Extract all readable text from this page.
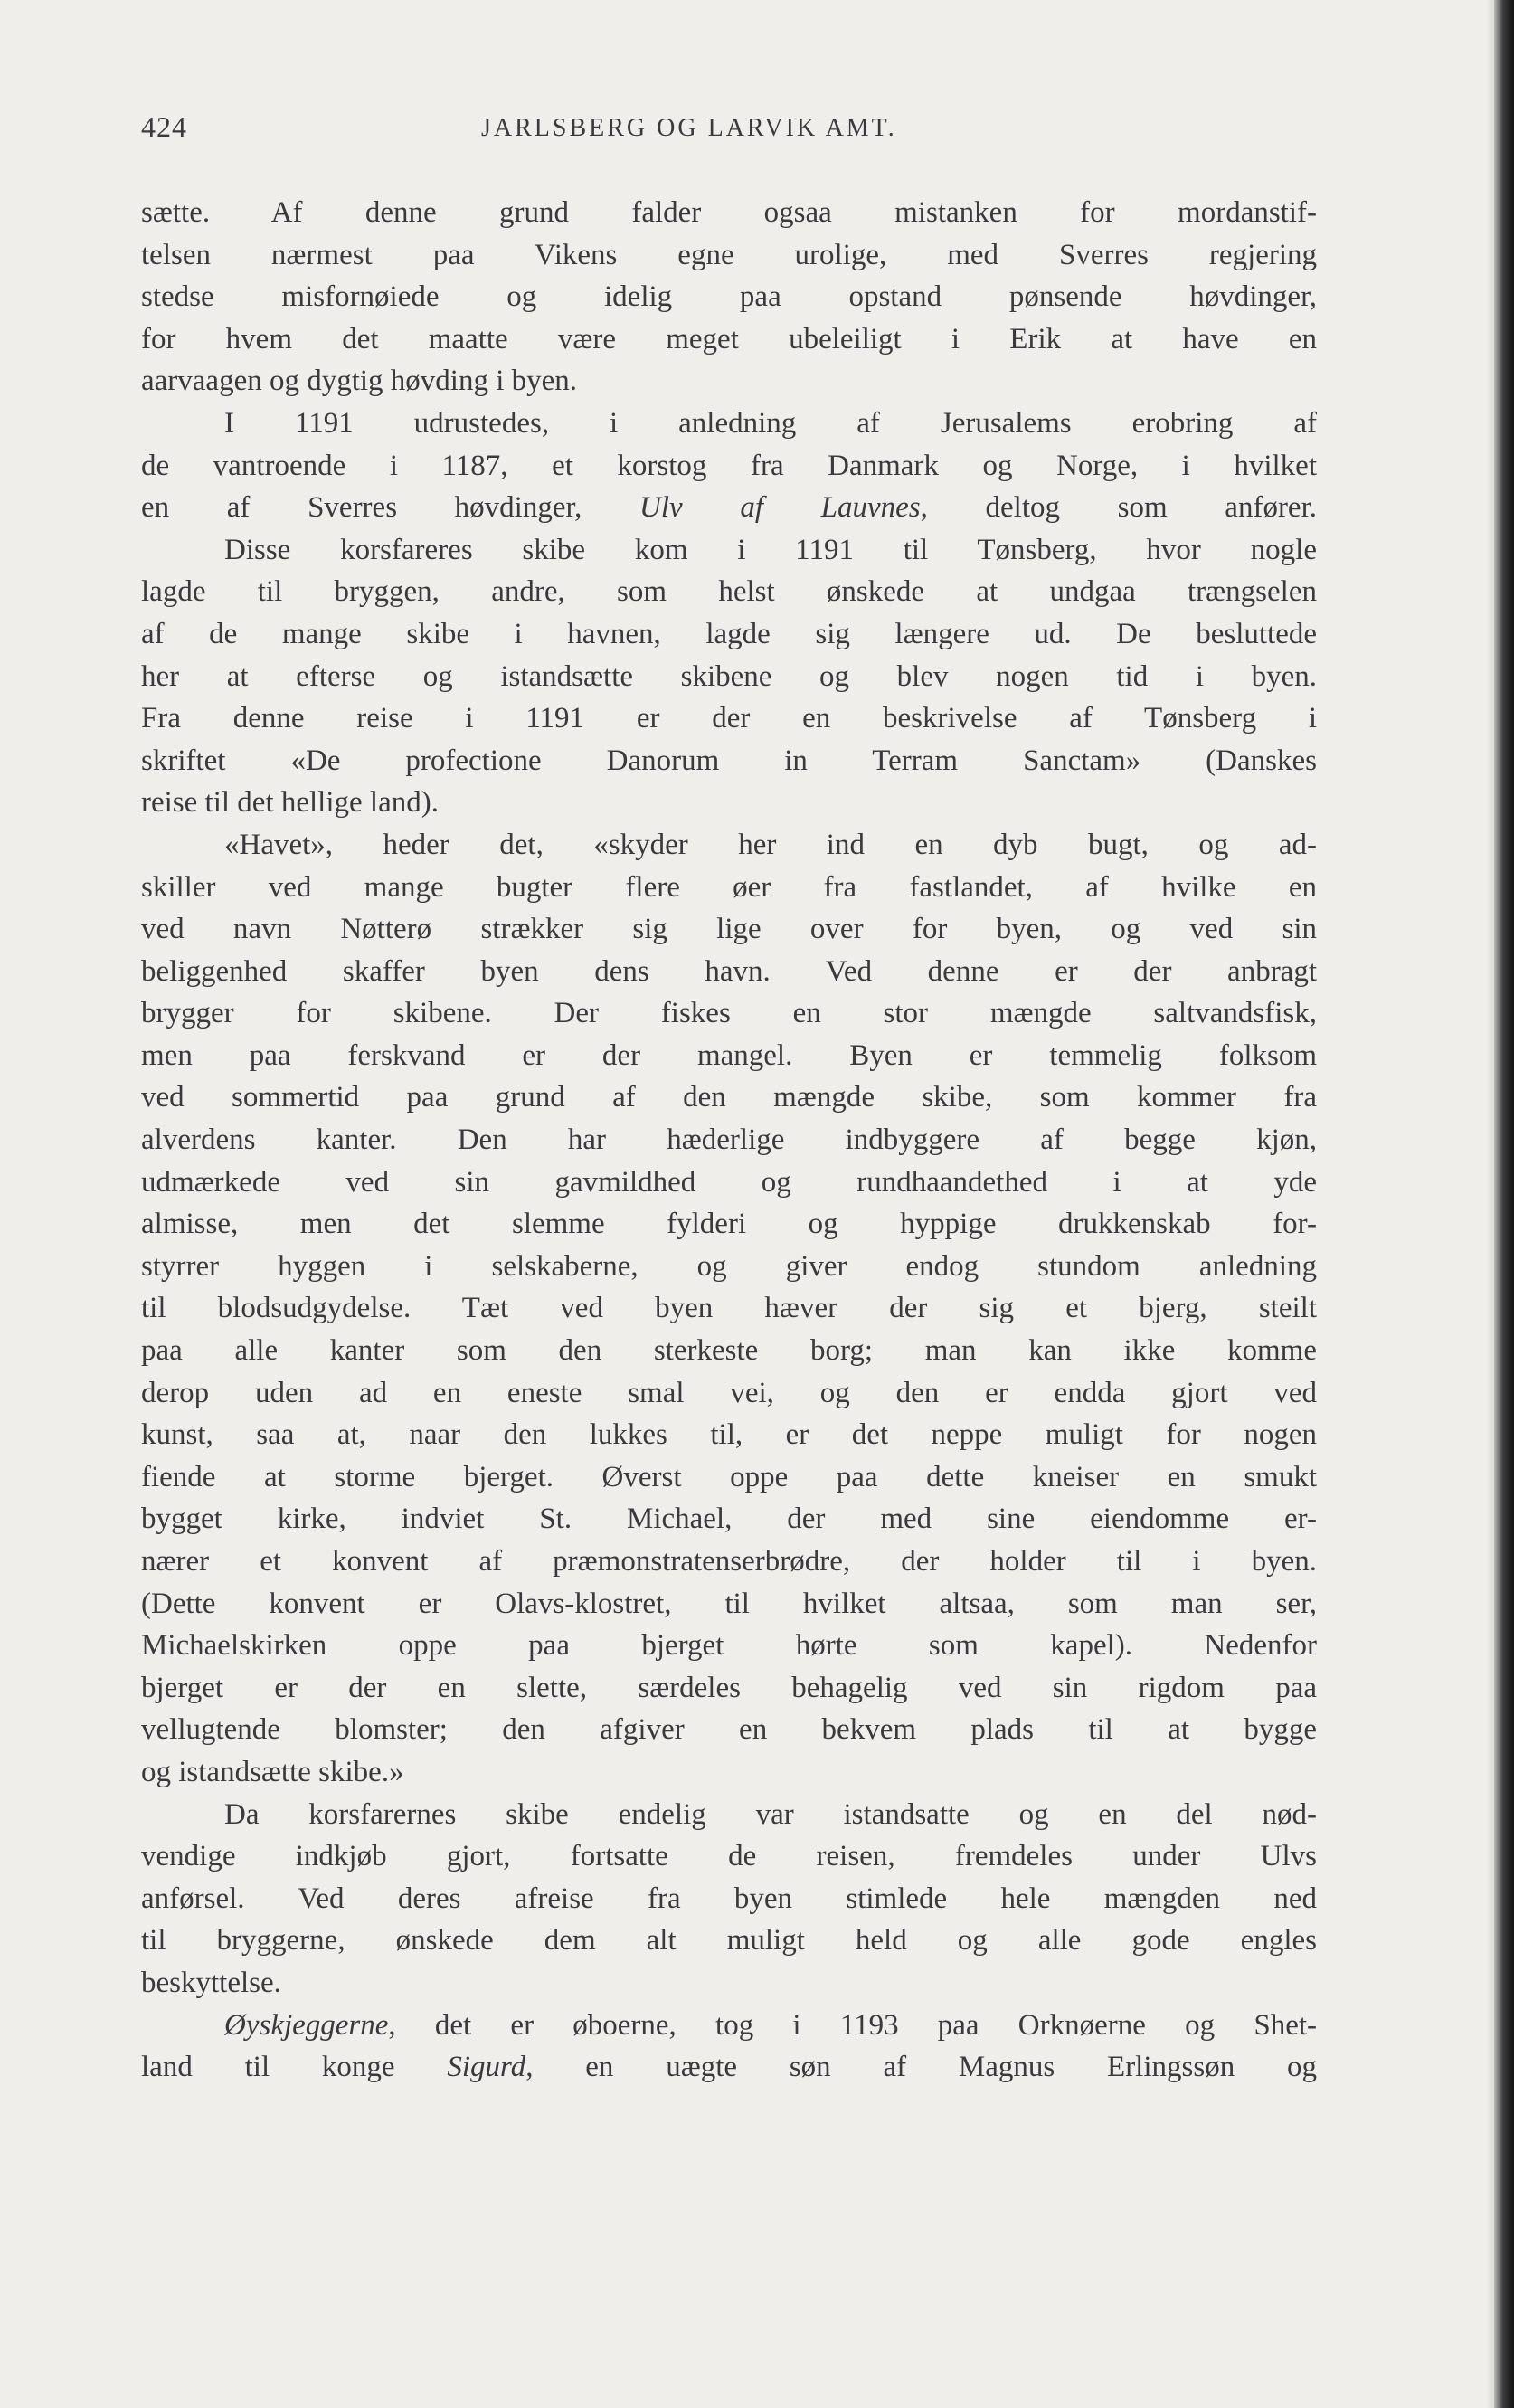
424	JARLSBERG OG LARVIK AMT.
sætte. Af denne grund falder ogsaa mistanken for mordanstif-
telsen nærmest paa Vikens egne urolige, med Sverres regjering
stedse misfornøiede og idelig paa opstand pønsende høvdinger,
for hvem det maatte være meget ubeleiligt i Erik at have en
aarvaagen og dygtig høvding i byen.
I 1191 udrustedes, i anledning af Jerusalems erobring af
de vantroende i 1187, et korstog fra Danmark og Norge, i hvilket
en af Sverres høvdinger, Ulv af Lauvnes, deltog som anfører.
Disse korsfareres skibe kom i 1191 til Tønsberg, hvor nogle
lagde til bryggen, andre, som helst ønskede at undgaa trængselen
af de mange skibe i havnen, lagde sig længere ud. De besluttede
her at efterse og istandsætte skibene og blev nogen tid i byen.
Fra denne reise i 1191 er der en beskrivelse af Tønsberg i
skriftet «De profectione Danorum in Terram Sanctam» (Danskes
reise til det hellige land).
«Havet», heder det, «skyder her ind en dyb bugt, og ad-
skiller ved mange bugter flere øer fra fastlandet, af hvilke en
ved navn Nøtterø strækker sig lige over for byen, og ved sin
beliggenhed skaffer byen dens havn. Ved denne er der anbragt
brygger for skibene. Der fiskes en stor mængde saltvandsfisk,
men paa ferskvand er der mangel. Byen er temmelig folksom
ved sommertid paa grund af den mængde skibe, som kommer fra
alverdens kanter. Den har hæderlige indbyggere af begge kjøn,
udmærkede ved sin gavmildhed og rundhaandethed i at yde
almisse, men det slemme fylderi og hyppige drukkenskab for-
styrrer hyggen i selskaberne, og giver endog stundom anledning
til blodsudgydelse. Tæt ved byen hæver der sig et bjerg, steilt
paa alle kanter som den sterkeste borg; man kan ikke komme
derop uden ad en eneste smal vei, og den er endda gjort ved
kunst, saa at, naar den lukkes til, er det neppe muligt for nogen
fiende at storme bjerget. Øverst oppe paa dette kneiser en smukt
bygget kirke, indviet St. Michael, der med sine eiendomme er-
nærer et konvent af præmonstratenserbrødre, der holder til i byen.
(Dette konvent er Olavs-klostret, til hvilket altsaa, som man ser,
Michaelskirken oppe paa bjerget hørte som kapel). Nedenfor
bjerget er der en slette, særdeles behagelig ved sin rigdom paa
vellugtende blomster; den afgiver en bekvem plads til at bygge
og istandsætte skibe.»
Da korsfarernes skibe endelig var istandsatte og en del nød-
vendige indkjøb gjort, fortsatte de reisen, fremdeles under Ulvs
anførsel. Ved deres afreise fra byen stimlede hele mængden ned
til bryggerne, ønskede dem alt muligt held og alle gode engles
beskyttelse.
Øyskjeggerne, det er øboerne, tog i 1193 paa Orknøerne og Shet-
land til konge Sigurd, en uægte søn af Magnus Erlingssøn og
